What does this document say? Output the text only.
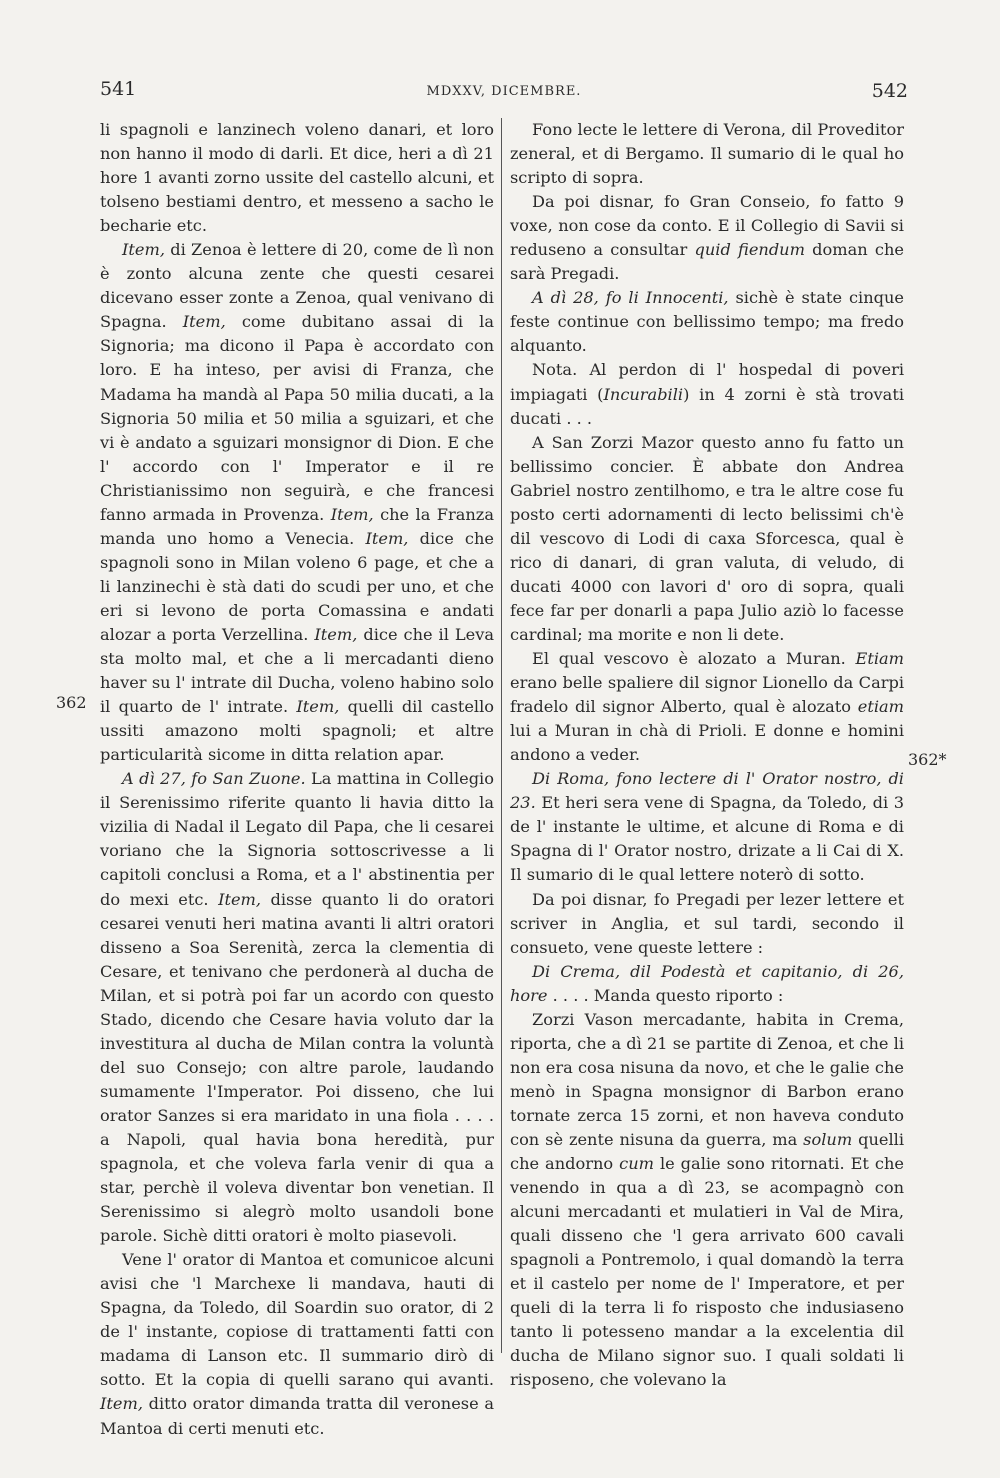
541	MDXXV, DICEMBRE.	542
362
362*

li spagnoli e lanzinech voleno danari, et loro non hanno il modo di darli. Et dice, heri a dì 21 hore 1 avanti zorno ussite del castello alcuni, et tolseno bestiami dentro, et messeno a sacho le becharie etc.

Item, di Zenoa è lettere di 20, come de lì non è zonto alcuna zente che questi cesarei dicevano esser zonte a Zenoa, qual venivano di Spagna. Item, come dubitano assai di la Signoria; ma dicono il Papa è accordato con loro. E ha inteso, per avisi di Franza, che Madama ha mandà al Papa 50 milia ducati, a la Signoria 50 milia et 50 milia a sguizari, et che vi è andato a sguizari monsignor di Dion. E che l' accordo con l' Imperator e il re Christianissimo non seguirà, e che francesi fanno armada in Provenza. Item, che la Franza manda uno homo a Venecia. Item, dice che spagnoli sono in Milan voleno 6 page, et che a li lanzinechi è stà dati do scudi per uno, et che eri si levono de porta Comassina e andati alozar a porta Verzellina. Item, dice che il Leva sta molto mal, et che a li mercadanti dieno haver su l' intrate dil Ducha, voleno habino solo il quarto de l' intrate. Item, quelli dil castello ussiti amazono molti spagnoli; et altre particularità sicome in ditta relation apar.

A dì 27, fo San Zuone. La mattina in Collegio il Serenissimo riferite quanto li havia ditto la vizilia di Nadal il Legato dil Papa, che li cesarei voriano che la Signoria sottoscrivesse a li capitoli conclusi a Roma, et a l' abstinentia per do mexi etc. Item, disse quanto li do oratori cesarei venuti heri matina avanti li altri oratori disseno a Soa Serenità, zerca la clementia di Cesare, et tenivano che perdonerà al ducha de Milan, et si potrà poi far un acordo con questo Stado, dicendo che Cesare havia voluto dar la investitura al ducha de Milan contra la voluntà del suo Consejo; con altre parole, laudando sumamente l'Imperator. Poi disseno, che lui orator Sanzes si era maridato in una fiola . . . . a Napoli, qual havia bona heredità, pur spagnola, et che voleva farla venir di qua a star, perchè il voleva diventar bon venetian. Il Serenissimo si alegrò molto usandoli bone parole. Sichè ditti oratori è molto piasevoli.

Vene l' orator di Mantoa et comunicoe alcuni avisi che 'l Marchexe li mandava, hauti di Spagna, da Toledo, dil Soardin suo orator, di 2 de l' instante, copiose di trattamenti fatti con madama di Lanson etc. Il summario dirò di sotto. Et la copia di quelli sarano qui avanti. Item, ditto orator dimanda tratta dil veronese a Mantoa di certi menuti etc.

Fono lecte le lettere di Verona, dil Proveditor zeneral, et di Bergamo. Il sumario di le qual ho scripto di sopra.

Da poi disnar, fo Gran Conseio, fo fatto 9 voxe, non cose da conto. E il Collegio di Savii si reduseno a consultar quid fiendum doman che sarà Pregadi.

A dì 28, fo li Innocenti, sichè è state cinque feste continue con bellissimo tempo; ma fredo alquanto.

Nota. Al perdon di l' hospedal di poveri impiagati (Incurabili) in 4 zorni è stà trovati ducati . . .

A San Zorzi Mazor questo anno fu fatto un bellissimo concier. È abbate don Andrea Gabriel nostro zentilhomo, e tra le altre cose fu posto certi adornamenti di lecto belissimi ch'è dil vescovo di Lodi di caxa Sforcesca, qual è rico di danari, di gran valuta, di veludo, di ducati 4000 con lavori d' oro di sopra, quali fece far per donarli a papa Julio aziò lo facesse cardinal; ma morite e non li dete.

El qual vescovo è alozato a Muran. Etiam erano belle spaliere dil signor Lionello da Carpi fradelo dil signor Alberto, qual è alozato etiam lui a Muran in chà di Prioli. E donne e homini andono a veder.

Di Roma, fono lectere di l' Orator nostro, di 23. Et heri sera vene di Spagna, da Toledo, di 3 de l' instante le ultime, et alcune di Roma e di Spagna di l' Orator nostro, drizate a li Cai di X. Il sumario di le qual lettere noterò di sotto.

Da poi disnar, fo Pregadi per lezer lettere et scriver in Anglia, et sul tardi, secondo il consueto, vene queste lettere :

Di Crema, dil Podestà et capitanio, di 26, hore . . . . Manda questo riporto :

Zorzi Vason mercadante, habita in Crema, riporta, che a dì 21 se partite di Zenoa, et che li non era cosa nisuna da novo, et che le galie che menò in Spagna monsignor di Barbon erano tornate zerca 15 zorni, et non haveva conduto con sè zente nisuna da guerra, ma solum quelli che andorno cum le galie sono ritornati. Et che venendo in qua a dì 23, se acompagnò con alcuni mercadanti et mulatieri in Val de Mira, quali disseno che 'l gera arrivato 600 cavali spagnoli a Pontremolo, i qual domandò la terra et il castelo per nome de l' Imperatore, et per queli di la terra li fo risposto che indusiaseno tanto li potesseno mandar a la excelentia dil ducha de Milano signor suo. I quali soldati li risposeno, che volevano la
